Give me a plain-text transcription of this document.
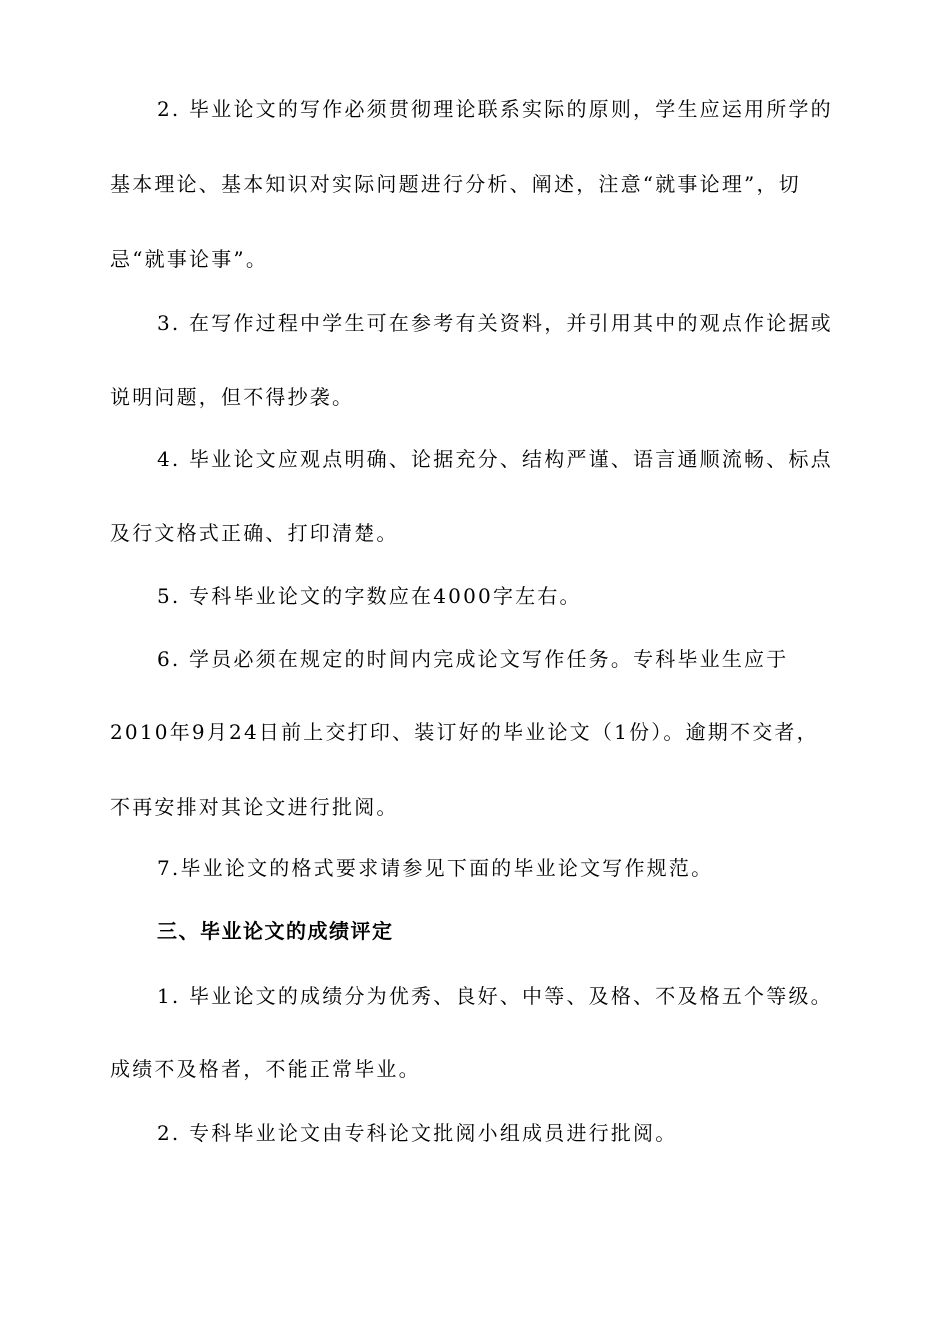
2. 毕业论文的写作必须贯彻理论联系实际的原则，学生应运用所学的
基本理论、基本知识对实际问题进行分析、阐述，注意“就事论理”，切
忌“就事论事”。
3. 在写作过程中学生可在参考有关资料，并引用其中的观点作论据或
说明问题，但不得抄袭。
4. 毕业论文应观点明确、论据充分、结构严谨、语言通顺流畅、标点
及行文格式正确、打印清楚。
5. 专科毕业论文的字数应在4000字左右。
6. 学员必须在规定的时间内完成论文写作任务。专科毕业生应于
2010年9月24日前上交打印、装订好的毕业论文（1份）。逾期不交者，
不再安排对其论文进行批阅。
7.毕业论文的格式要求请参见下面的毕业论文写作规范。
三、毕业论文的成绩评定
1. 毕业论文的成绩分为优秀、良好、中等、及格、不及格五个等级。
成绩不及格者，不能正常毕业。
2. 专科毕业论文由专科论文批阅小组成员进行批阅。
